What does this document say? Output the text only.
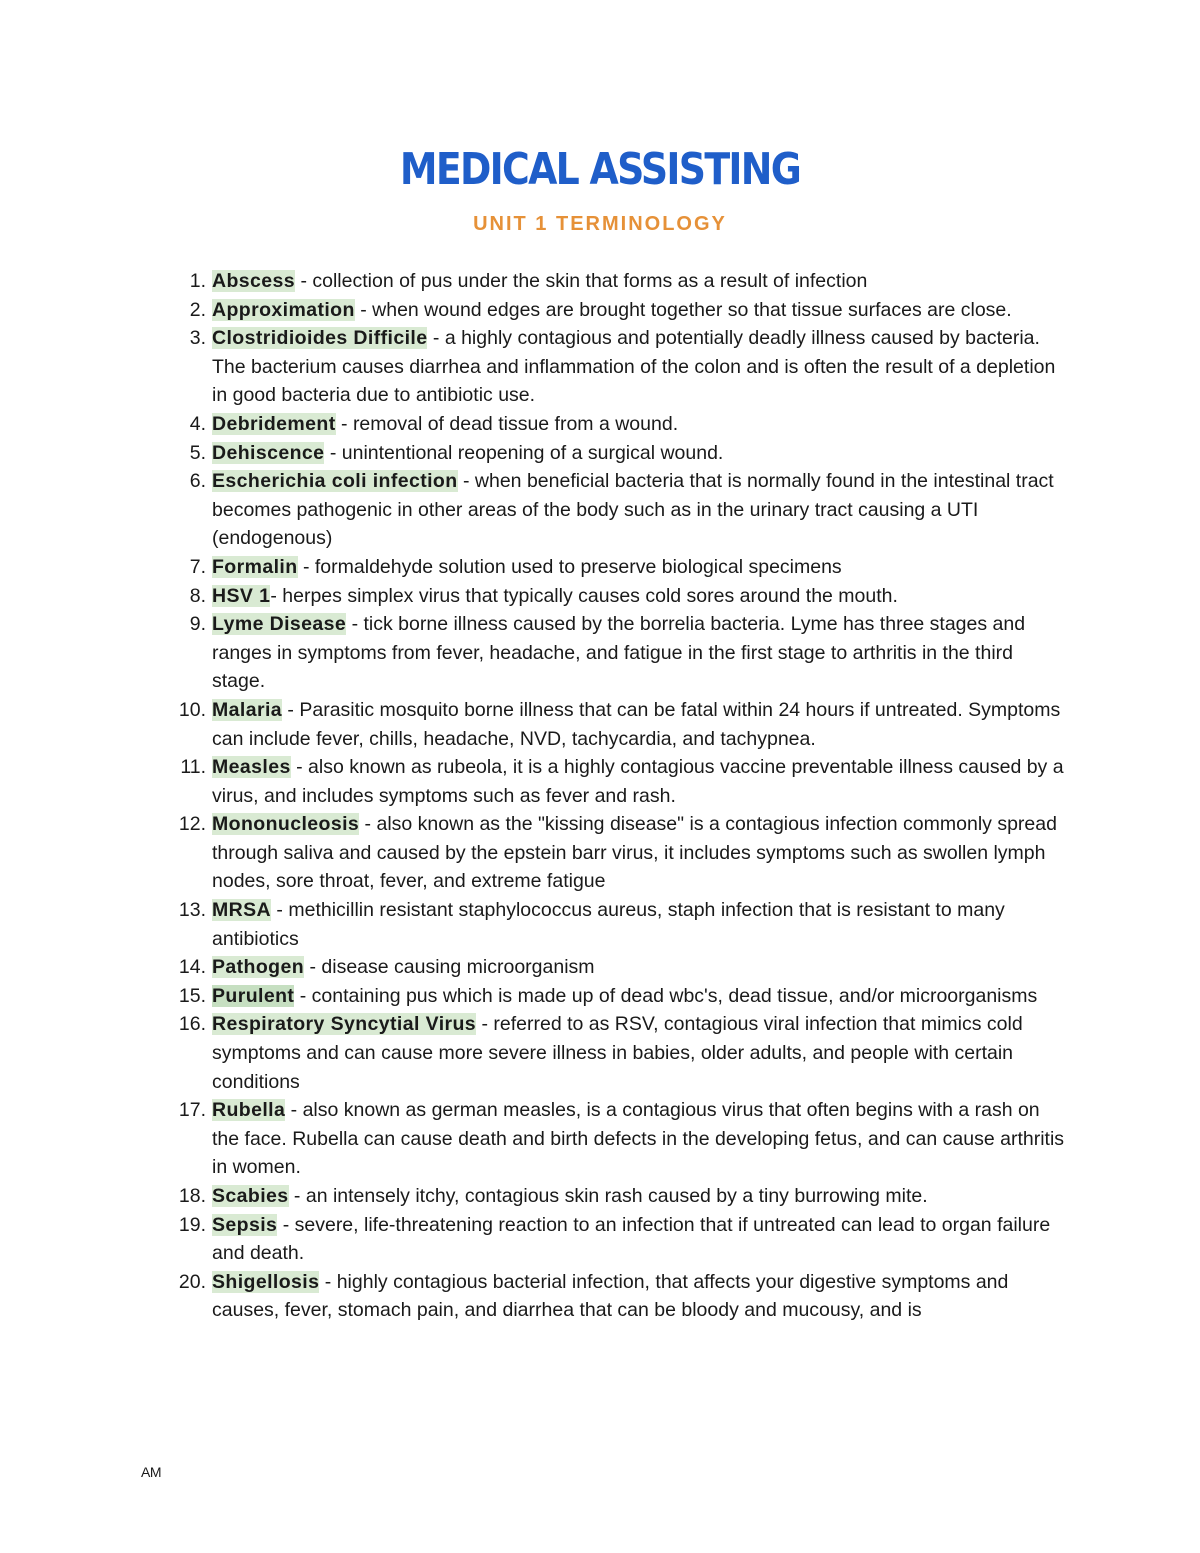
MEDICAL ASSISTING
UNIT 1 TERMINOLOGY
1. Abscess - collection of pus under the skin that forms as a result of infection
2. Approximation - when wound edges are brought together so that tissue surfaces are close.
3. Clostridioides Difficile - a highly contagious and potentially deadly illness caused by bacteria. The bacterium causes diarrhea and inflammation of the colon and is often the result of a depletion in good bacteria due to antibiotic use.
4. Debridement - removal of dead tissue from a wound.
5. Dehiscence - unintentional reopening of a surgical wound.
6. Escherichia coli infection - when beneficial bacteria that is normally found in the intestinal tract becomes pathogenic in other areas of the body such as in the urinary tract causing a UTI (endogenous)
7. Formalin - formaldehyde solution used to preserve biological specimens
8. HSV 1- herpes simplex virus that typically causes cold sores around the mouth.
9. Lyme Disease - tick borne illness caused by the borrelia bacteria. Lyme has three stages and ranges in symptoms from fever, headache, and fatigue in the first stage to arthritis in the third stage.
10. Malaria - Parasitic mosquito borne illness that can be fatal within 24 hours if untreated. Symptoms can include fever, chills, headache, NVD, tachycardia, and tachypnea.
11. Measles - also known as rubeola, it is a highly contagious vaccine preventable illness caused by a virus, and includes symptoms such as fever and rash.
12. Mononucleosis - also known as the "kissing disease" is a contagious infection commonly spread through saliva and caused by the epstein barr virus, it includes symptoms such as swollen lymph nodes, sore throat, fever, and extreme fatigue
13. MRSA - methicillin resistant staphylococcus aureus, staph infection that is resistant to many antibiotics
14. Pathogen - disease causing microorganism
15. Purulent - containing pus which is made up of dead wbc's, dead tissue, and/or microorganisms
16. Respiratory Syncytial Virus - referred to as RSV, contagious viral infection that mimics cold symptoms and can cause more severe illness in babies, older adults, and people with certain conditions
17. Rubella - also known as german measles, is a contagious virus that often begins with a rash on the face. Rubella can cause death and birth defects in the developing fetus, and can cause arthritis in women.
18. Scabies - an intensely itchy, contagious skin rash caused by a tiny burrowing mite.
19. Sepsis - severe, life-threatening reaction to an infection that if untreated can lead to organ failure and death.
20. Shigellosis - highly contagious bacterial infection, that affects your digestive symptoms and causes, fever, stomach pain, and diarrhea that can be bloody and mucousy, and is
AM
